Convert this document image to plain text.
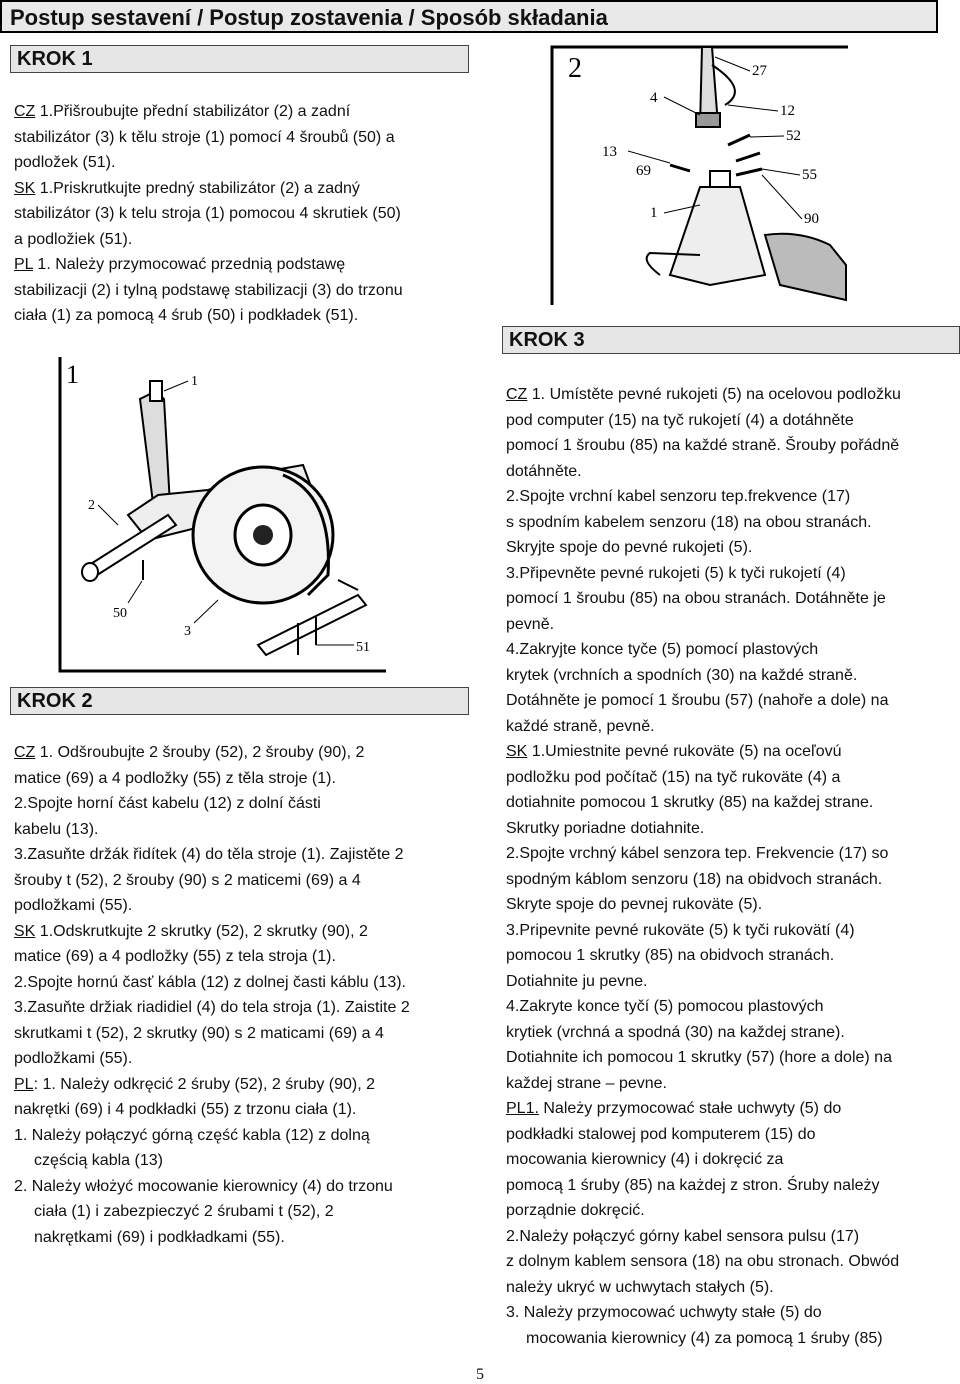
Postup sestavení / Postup zostavenia / Sposób składania
KROK 1
CZ 1.Přišroubujte přední stabilizátor (2) a zadní
stabilizátor (3) k tělu stroje (1) pomocí 4 šroubů (50) a
podložek (51).
SK 1.Priskrutkujte predný stabilizátor (2) a zadný
stabilizátor (3) k telu stroja (1) pomocou 4 skrutiek (50)
a podložiek (51).
PL 1. Należy przymocować przednią podstawę
stabilizacji (2) i tylną podstawę stabilizacji (3) do trzonu
ciała (1) za pomocą 4 śrub (50) i podkładek (51).
1	1
2
3
50
51
KROK 2
CZ 1. Odšroubujte 2 šrouby (52), 2 šrouby (90), 2
matice (69) a 4 podložky (55) z těla stroje (1).
2.Spojte horní část kabelu (12) z dolní části
kabelu (13).
3.Zasuňte držák řidítek (4) do těla stroje (1). Zajistěte 2
šrouby t (52), 2 šrouby (90) s 2 maticemi (69) a 4
podložkami (55).
SK 1.Odskrutkujte 2 skrutky (52), 2 skrutky (90), 2
matice (69) a 4 podložky (55) z tela stroja (1).
2.Spojte hornú časť kábla (12) z dolnej časti káblu (13).
3.Zasuňte držiak riadidiel (4) do tela stroja (1). Zaistite 2
skrutkami t (52), 2 skrutky (90) s 2 maticami (69) a 4
podložkami (55).
PL: 1. Należy odkręcić 2 śruby (52), 2 śruby (90), 2
nakrętki (69) i 4 podkładki (55) z trzonu ciała (1).
1. Należy połączyć górną część kabla (12) z dolną
częścią kabla (13)
2. Należy włożyć mocowanie kierownicy (4) do trzonu
ciała (1) i zabezpieczyć 2 śrubami t (52), 2
nakrętkami (69) i podkładkami (55).
2	27
4
12
52
13
69	55
1	90
KROK 3
CZ 1. Umístěte pevné rukojeti (5) na ocelovou podložku
pod computer (15) na tyč rukojetí (4) a dotáhněte
pomocí 1 šroubu (85) na každé straně. Šrouby pořádně
dotáhněte.
2.Spojte vrchní kabel senzoru tep.frekvence (17)
s spodním kabelem senzoru (18) na obou stranách.
Skryjte spoje do pevné rukojeti (5).
3.Připevněte pevné rukojeti (5) k tyči rukojetí (4)
pomocí 1 šroubu (85) na obou stranách. Dotáhněte je
pevně.
4.Zakryjte konce tyče (5) pomocí plastových
krytek (vrchních a spodních (30) na každé straně.
Dotáhněte je pomocí 1 šroubu (57) (nahoře a dole) na
každé straně, pevně.
SK 1.Umiestnite pevné rukoväte (5) na oceľovú
podložku pod počítač (15) na tyč rukoväte (4) a
dotiahnite pomocou 1 skrutky (85) na každej strane.
Skrutky poriadne dotiahnite.
2.Spojte vrchný kábel senzora tep. Frekvencie (17) so
spodným káblom senzoru (18) na obidvoch stranách.
Skryte spoje do pevnej rukoväte (5).
3.Pripevnite pevné rukoväte (5) k tyči rukovätí (4)
pomocou 1 skrutky (85) na obidvoch stranách.
Dotiahnite ju pevne.
4.Zakryte konce tyčí (5) pomocou plastových
krytiek (vrchná a spodná (30) na každej strane).
Dotiahnite ich pomocou 1 skrutky (57) (hore a dole) na
každej strane – pevne.
PL1. Należy przymocować stałe uchwyty (5) do
podkładki stalowej pod komputerem (15) do
mocowania kierownicy (4) i dokręcić za
pomocą 1 śruby (85) na każdej z stron. Śruby należy
porządnie dokręcić.
2.Należy połączyć górny kabel sensora pulsu (17)
z dolnym kablem sensora (18) na obu stronach. Obwód
należy ukryć w uchwytach stałych (5).
3. Należy przymocować uchwyty stałe (5) do
mocowania kierownicy (4) za pomocą 1 śruby (85)
5
